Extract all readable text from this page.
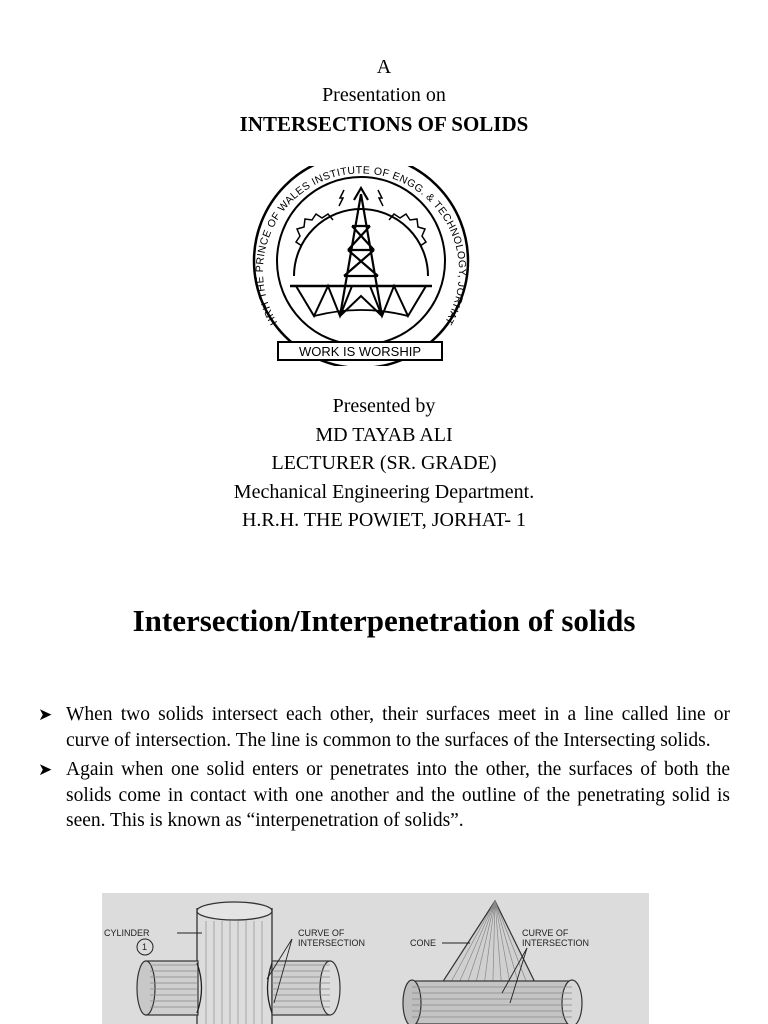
A
Presentation on
INTERSECTIONS OF SOLIDS
HRH THE PRINCE OF WALES INSTITUTE OF ENGG. & TECHNOLOGY, JORHAT
WORK IS WORSHIP
Presented by
MD TAYAB ALI
LECTURER (SR. GRADE)
Mechanical Engineering Department.
H.R.H. THE POWIET, JORHAT- 1
Intersection/Interpenetration of solids
➤ When two solids intersect each other, their surfaces meet in a line called line or curve of intersection. The line is common to the surfaces of the Intersecting solids.
➤ Again when one solid enters or penetrates into the other, the surfaces of both the solids come in contact with one another and the outline of the penetrating solid is seen. This is known as “interpenetration of solids”.
CYLINDER
1
CURVE OF INTERSECTION	CONE
CURVE OF INTERSECTION
